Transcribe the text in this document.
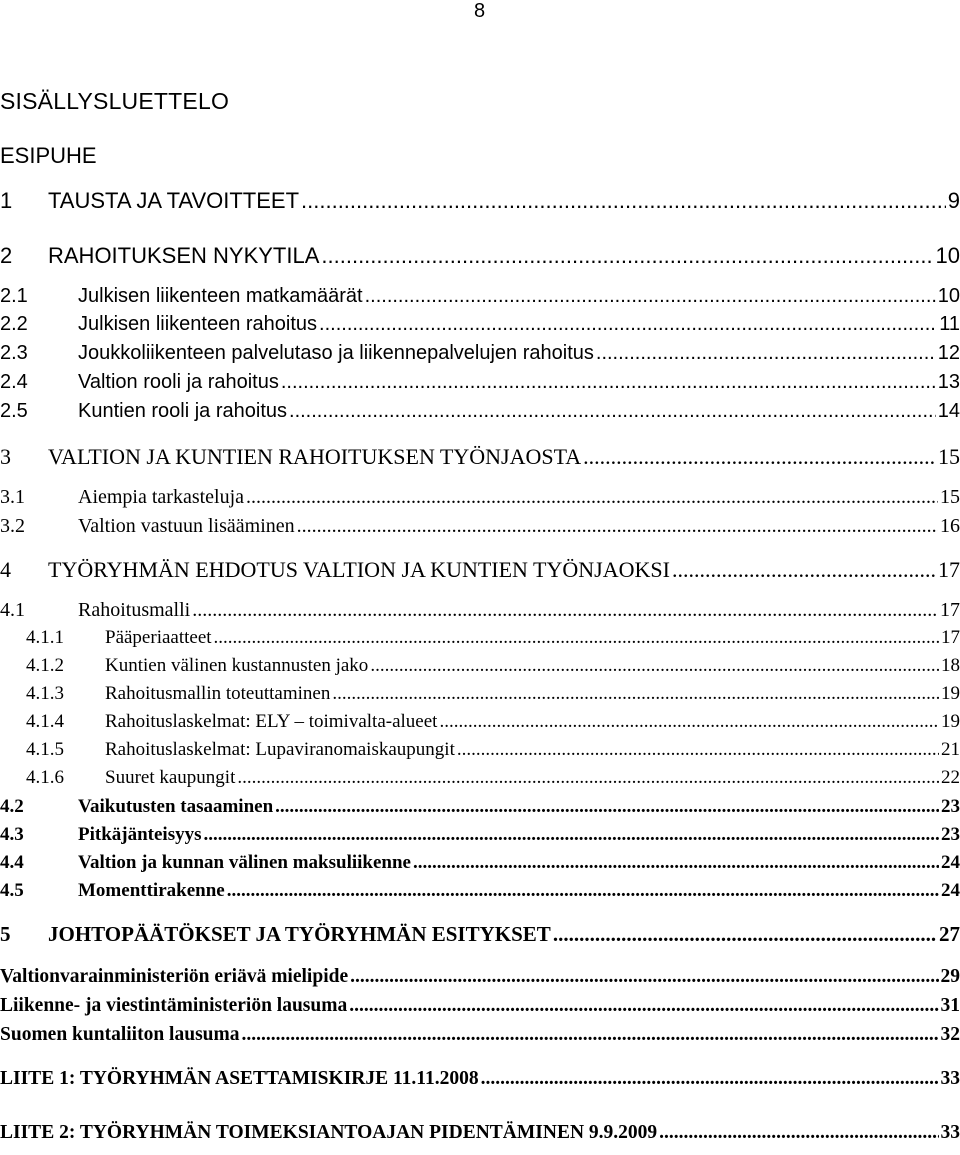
8
SISÄLLYSLUETTELO
ESIPUHE
1	TAUSTA JA TAVOITTEET .....	9
2	RAHOITUKSEN NYKYTILA .....	10
2.1	Julkisen liikenteen matkamäärät .....	10
2.2	Julkisen liikenteen rahoitus .....	11
2.3	Joukkoliikenteen palvelutaso ja liikennepalvelujen rahoitus .....	12
2.4	Valtion rooli ja rahoitus .....	13
2.5	Kuntien rooli ja rahoitus .....	14
3	VALTION JA KUNTIEN RAHOITUKSEN TYÖNJAOSTA .....	15
3.1	Aiempia tarkasteluja .....	15
3.2	Valtion vastuun lisääminen .....	16
4	TYÖRYHMÄN EHDOTUS VALTION JA KUNTIEN TYÖNJAOKSI .....	17
4.1	Rahoitusmalli .....	17
4.1.1	Pääperiaatteet .....	17
4.1.2	Kuntien välinen kustannusten jako .....	18
4.1.3	Rahoitusmallin toteuttaminen .....	19
4.1.4	Rahoituslaskelmat: ELY – toimivalta-alueet .....	19
4.1.5	Rahoituslaskelmat: Lupaviranomaiskaupungit .....	21
4.1.6	Suuret kaupungit .....	22
4.2	Vaikutusten tasaaminen .....	23
4.3	Pitkäjänteisyys .....	23
4.4	Valtion ja kunnan välinen maksuliikenne .....	24
4.5	Momenttirakenne .....	24
5	JOHTOPÄÄTÖKSET JA TYÖRYHMÄN ESITYKSET .....	27
Valtionvarainministeriön eriävä mielipide .....	29
Liikenne- ja viestintäministeriön lausuma .....	31
Suomen kuntaliiton lausuma .....	32
LIITE 1: TYÖRYHMÄN ASETTAMISKIRJE 11.11.2008 .....	33
LIITE 2: TYÖRYHMÄN TOIMEKSIANTOAJAN PIDENTÄMINEN 9.9.2009 .....	33
